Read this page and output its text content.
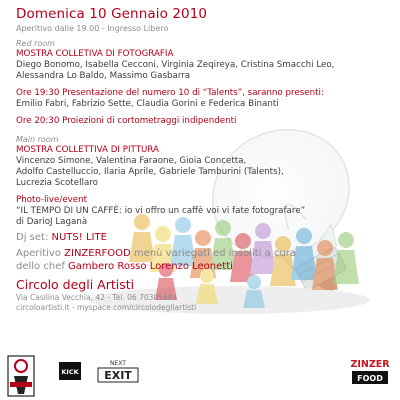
Domenica 10 Gennaio 2010
Aperitivo dalle 19.00 - Ingresso Libero
Red room
MOSTRA COLLETIVA DI FOTOGRAFIA
Diego Bonomo, Isabella Cecconi, Virginia Zeqireya, Cristina Smacchi Leo,
Alessandra Lo Baldo, Massimo Gasbarra
Ore 19:30 Presentazione del numero 10 di “Talents”, saranno presenti:
Emilio Fabri, Fabrizio Sette, Claudia Gorini e Federica Binanti
Ore 20:30 Proiezioni di cortometraggi indipendenti
Main room
MOSTRA COLLETTIVA DI PITTURA
Vincenzo Simone, Valentina Faraone, Gioia Concetta,
Adolfo Castelluccio, Ilaria Aprile, Gabriele Tamburini (Talents),
Lucrezia Scotellaro
Photo-live/event
“IL TEMPO DI UN CAFFÈ: io vi offro un caffè voi vi fate fotografare”
di DarioJ Laganà
Dj set: NUTS! LITE
Aperitivo ZINZERFOOD menù variegati ed insoliti a cura
dello chef Gambero Rosso Lorenzo Leonetti
Circolo degli Artisti
Via Casilina Vecchia, 42 - Tel. 06 70305684
circoloartisti.it - myspace.com/circolodegliartisti
KICK
NEXT
EXIT
ZINZER
FOOD
